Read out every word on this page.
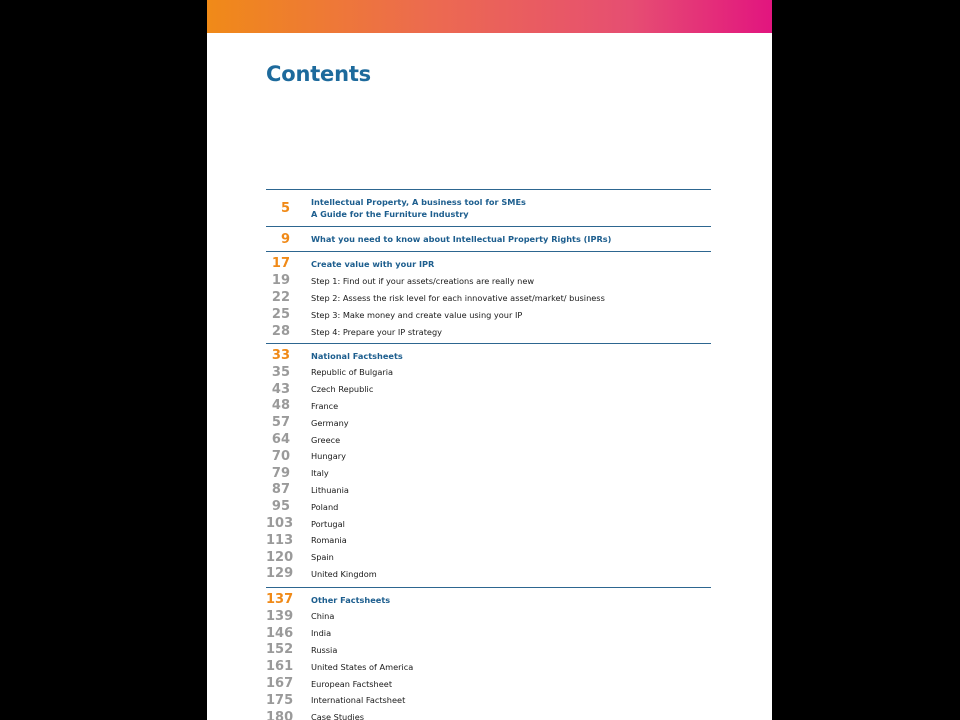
Contents
5	Intellectual Property, A business tool for SMEs
A Guide for the Furniture Industry
9	What you need to know about Intellectual Property Rights (IPRs)
17	Create value with your IPR
19	Step 1: Find out if your assets/creations are really new
22	Step 2: Assess the risk level for each innovative asset/market/ business
25	Step 3: Make money and create value using your IP
28	Step 4: Prepare your IP strategy
33	National Factsheets
35	Republic of Bulgaria
43	Czech Republic
48	France
57	Germany
64	Greece
70	Hungary
79	Italy
87	Lithuania
95	Poland
103 Portugal
113 Romania
120 Spain
129 United Kingdom
137 Other Factsheets
139 China
146 India
152 Russia
161 United States of America
167 European Factsheet
175 International Factsheet
180 Case Studies
